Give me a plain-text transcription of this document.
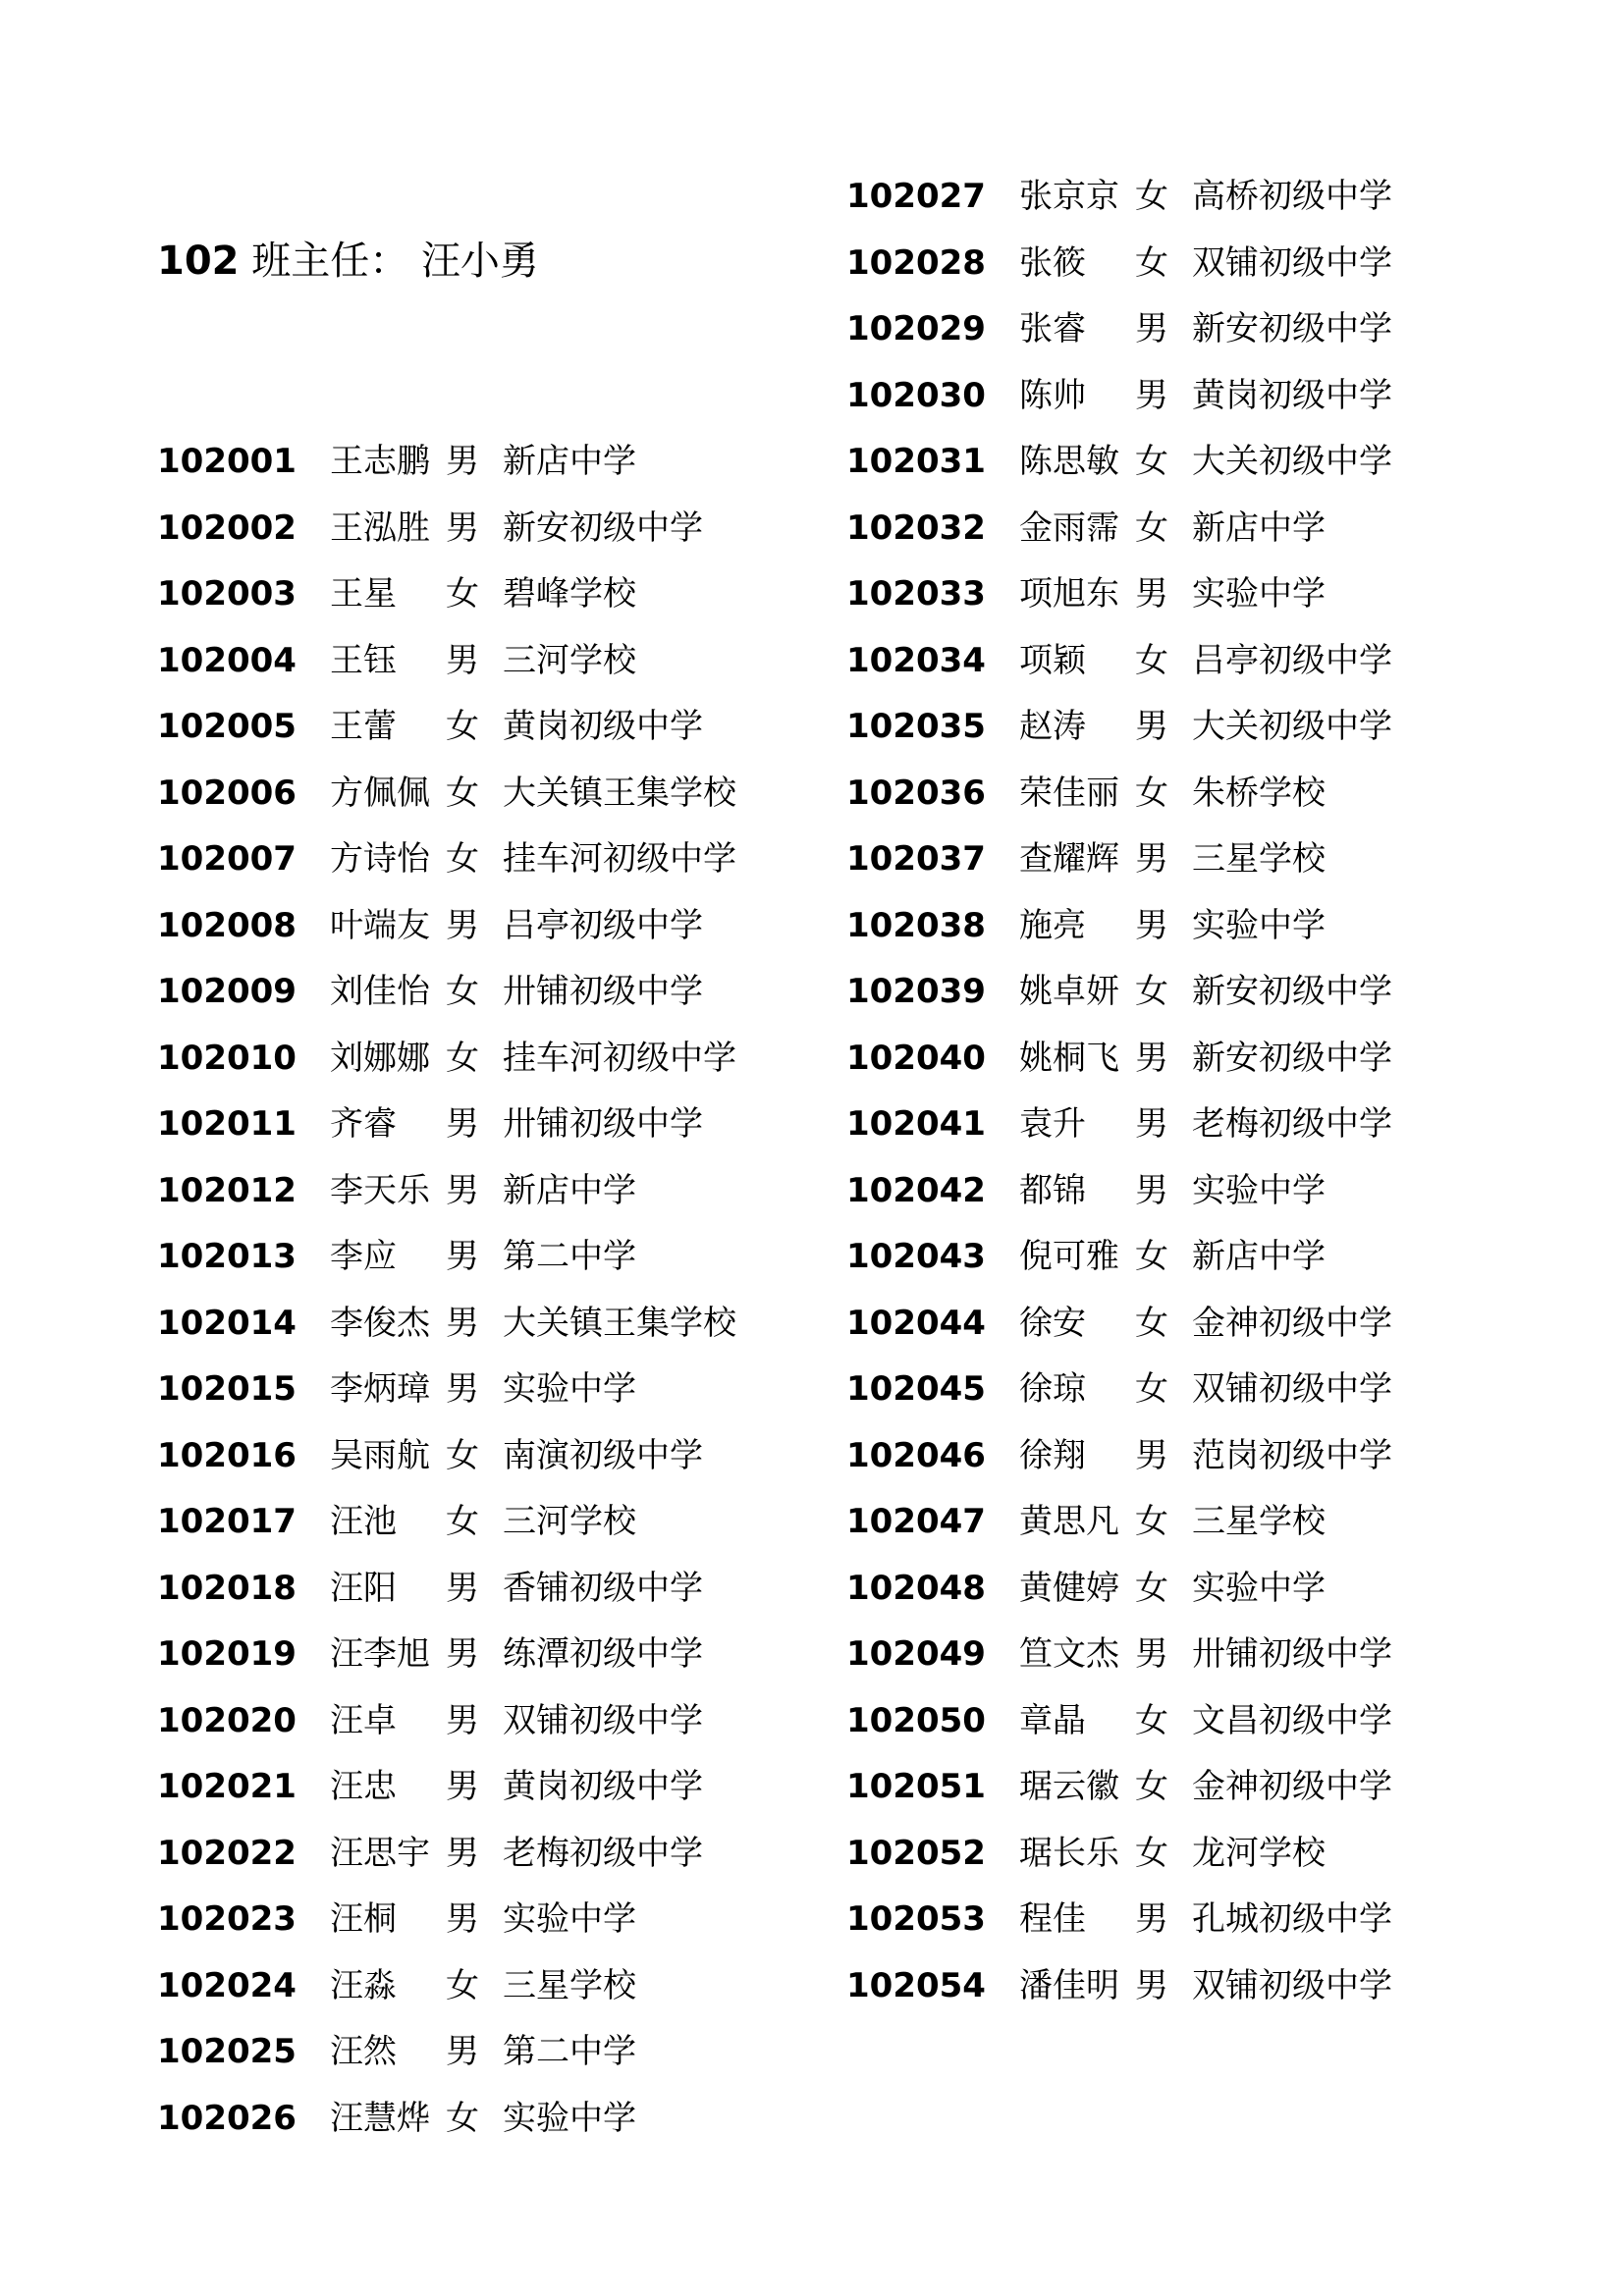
102 班主任： 汪小勇
102001 王志鹏 男 新店中学
102002 王泓胜 男 新安初级中学
102003 王星 女 碧峰学校
102004 王钰 男 三河学校
102005 王蕾 女 黄岗初级中学
102006 方佩佩 女 大关镇王集学校
102007 方诗怡 女 挂车河初级中学
102008 叶端友 男 吕亭初级中学
102009 刘佳怡 女 卅铺初级中学
102010 刘娜娜 女 挂车河初级中学
102011 齐睿 男 卅铺初级中学
102012 李天乐 男 新店中学
102013 李应 男 第二中学
102014 李俊杰 男 大关镇王集学校
102015 李炳璋 男 实验中学
102016 吴雨航 女 南演初级中学
102017 汪池 女 三河学校
102018 汪阳 男 香铺初级中学
102019 汪李旭 男 练潭初级中学
102020 汪卓 男 双铺初级中学
102021 汪忠 男 黄岗初级中学
102022 汪思宇 男 老梅初级中学
102023 汪桐 男 实验中学
102024 汪淼 女 三星学校
102025 汪然 男 第二中学
102026 汪慧烨 女 实验中学
102027 张京京 女 高桥初级中学
102028 张筱 女 双铺初级中学
102029 张睿 男 新安初级中学
102030 陈帅 男 黄岗初级中学
102031 陈思敏 女 大关初级中学
102032 金雨霈 女 新店中学
102033 项旭东 男 实验中学
102034 项颖 女 吕亭初级中学
102035 赵涛 男 大关初级中学
102036 荣佳丽 女 朱桥学校
102037 查耀辉 男 三星学校
102038 施亮 男 实验中学
102039 姚卓妍 女 新安初级中学
102040 姚桐飞 男 新安初级中学
102041 袁升 男 老梅初级中学
102042 都锦 男 实验中学
102043 倪可雅 女 新店中学
102044 徐安 女 金神初级中学
102045 徐琼 女 双铺初级中学
102046 徐翔 男 范岗初级中学
102047 黄思凡 女 三星学校
102048 黄健婷 女 实验中学
102049 笪文杰 男 卅铺初级中学
102050 章晶 女 文昌初级中学
102051 琚云徽 女 金神初级中学
102052 琚长乐 女 龙河学校
102053 程佳 男 孔城初级中学
102054 潘佳明 男 双铺初级中学
